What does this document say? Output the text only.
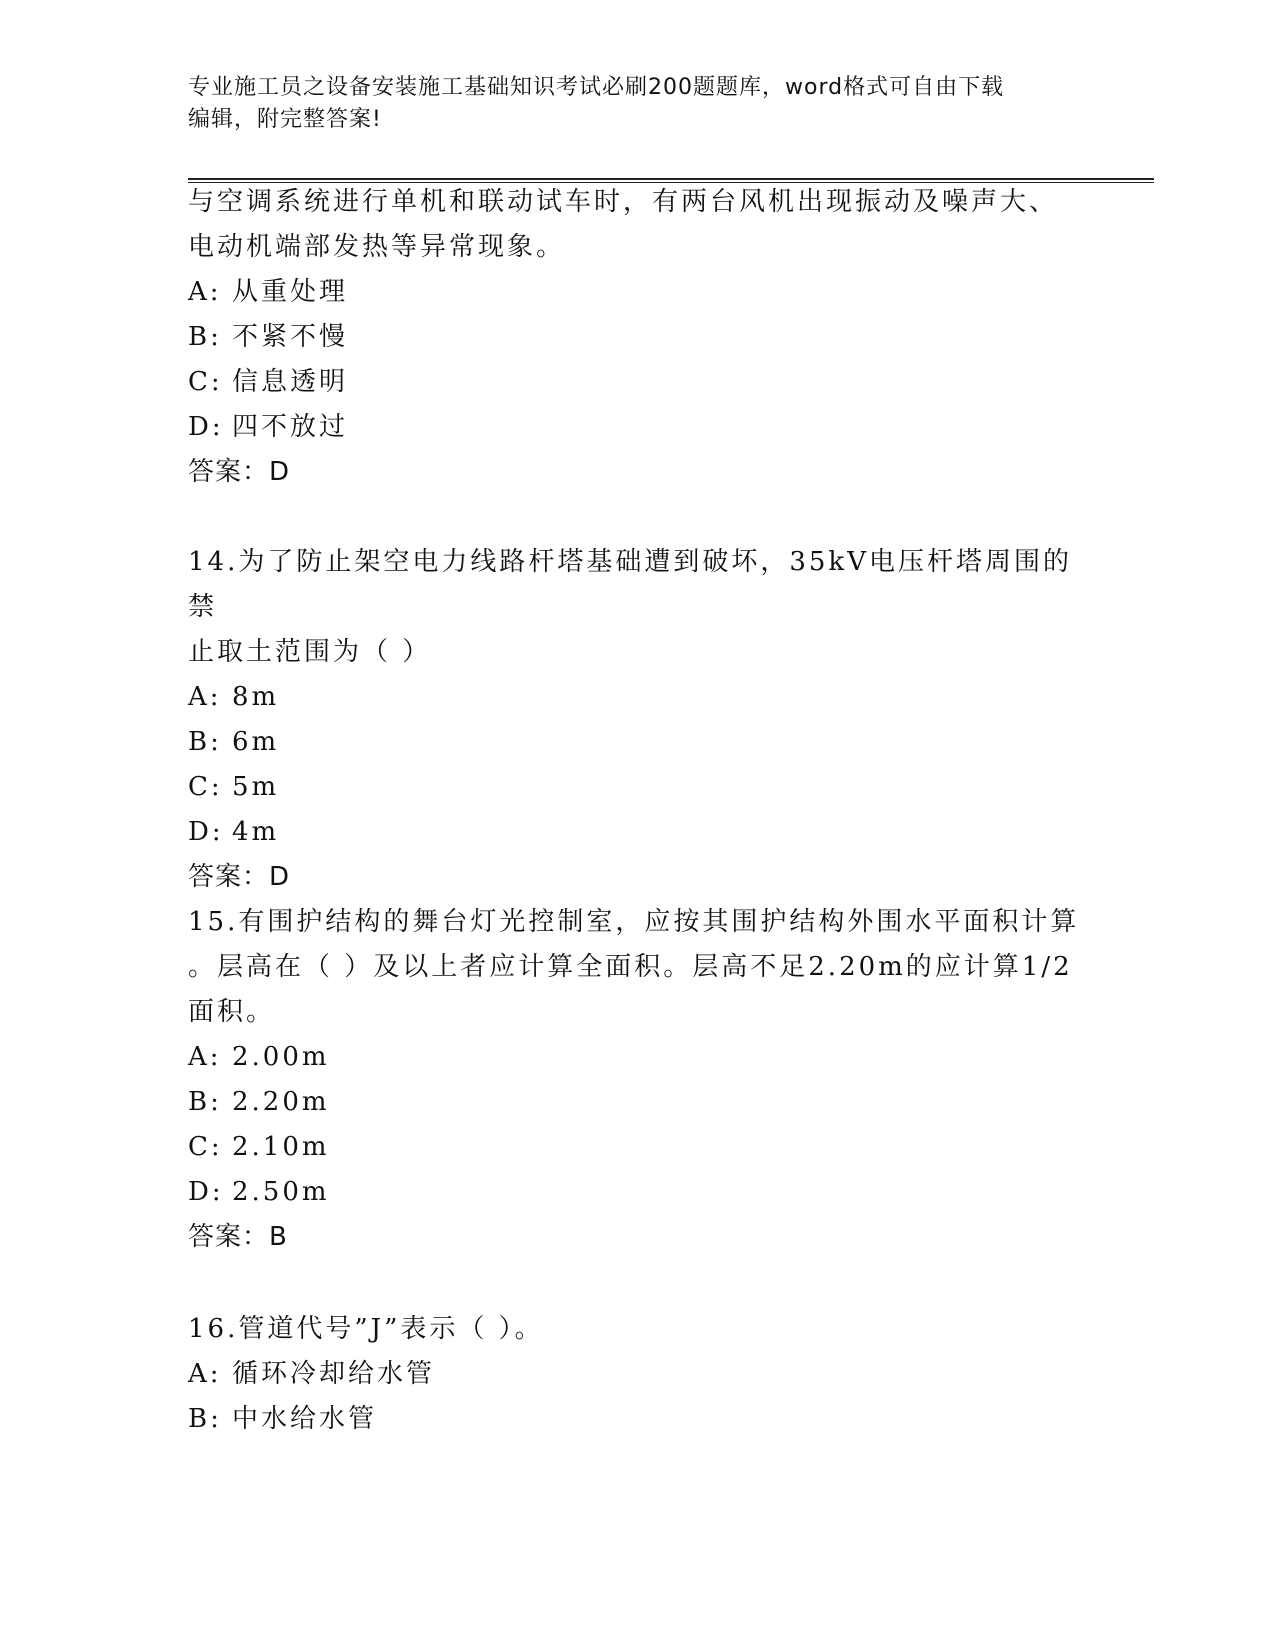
专业施工员之设备安装施工基础知识考试必刷200题题库，word格式可自由下载
编辑，附完整答案!
与空调系统进行单机和联动试车时，有两台风机出现振动及噪声大、
电动机端部发热等异常现象。
A: 从重处理
B: 不紧不慢
C: 信息透明
D: 四不放过
答案：D
14.为了防止架空电力线路杆塔基础遭到破坏，35kV电压杆塔周围的禁
止取土范围为（ ）
A: 8m
B: 6m
C: 5m
D: 4m
答案：D
15.有围护结构的舞台灯光控制室，应按其围护结构外围水平面积计算
。层高在（ ）及以上者应计算全面积。层高不足2.20m的应计算1/2
面积。
A: 2.00m
B: 2.20m
C: 2.10m
D: 2.50m
答案：B
16.管道代号”J”表示（ ）。
A: 循环冷却给水管
B: 中水给水管
